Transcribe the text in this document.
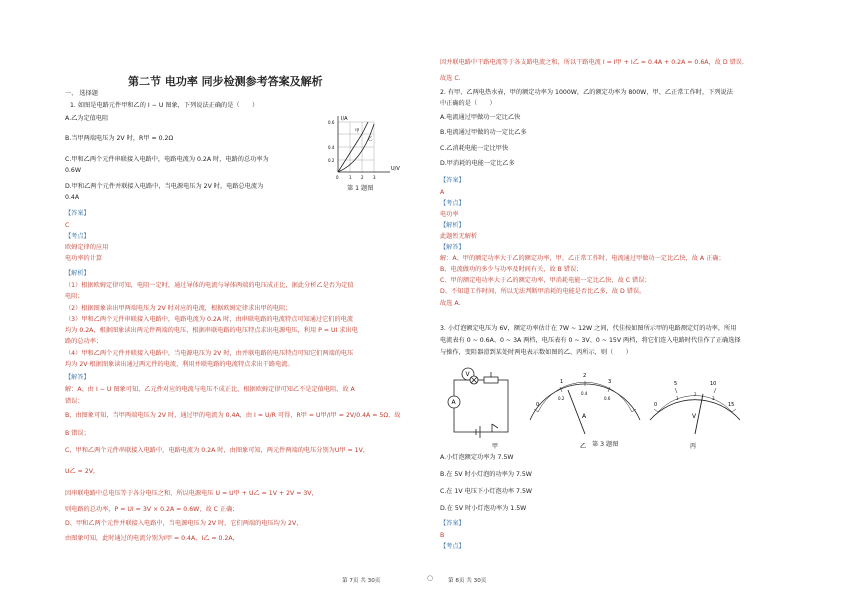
第二节 电功率 同步检测参考答案及解析
一、 选择题
1. 如图是电路元件甲和乙的 I − U 图象，下列说法正确的是（　　）
A.乙为定值电阻
B.当甲两端电压为 2V 时，R甲 = 0.2Ω
C.甲和乙两个元件串联接入电路中，电路电流为 0.2A 时，电路的总功率为
0.6W
D.甲和乙两个元件并联接入电路中，当电源电压为 2V 时，电路总电流为
0.4A
I/A
U/V
0.6
0.4
0.2
0	1 2 3
甲
乙
第 1 题图
【答案】
C
【考点】
欧姆定律的应用
电功率的计算
【解析】
（1）根据欧姆定律可知，电阻一定时，通过导体的电流与导体两端的电压成正比，据此分析乙是否为定值
电阻；
（2）根据图象读出甲两端电压为 2V 时对应的电流，根据欧姆定律求出甲的电阻；
（3）甲和乙两个元件串联接入电路中，电路电流为 0.2A 时，由串联电路的电流特点可知通过它们的电流
均为 0.2A，根据图象读出两元件两端的电压，根据串联电路的电压特点求出电源电压，利用 P = UI 求出电
路的总功率；
（4）甲和乙两个元件并联接入电路中，当电源电压为 2V 时，由并联电路的电压特点可知它们两端的电压
均为 2V 根据图象读出通过两元件的电流，利用并联电路的电流特点求出干路电流。
【解答】
解：A、由 I − U 图象可知，乙元件对应的电流与电压不成正比，根据欧姆定律可知乙不是定值电阻，故 A
错误；
B、由图象可知，当甲两端电压为 2V 时，通过甲的电流为 0.4A，由 I = U/R 可得，R甲 = U甲/I甲 = 2V/0.4A = 5Ω，故
B 错误；
C、甲和乙两个元件串联接入电路中，电路电流为 0.2A 时，由图象可知，两元件两端的电压分别为U甲 = 1V，
U乙 = 2V，
因串联电路中总电压等于各分电压之和，所以电源电压 U = U甲 + U乙 = 1V + 2V = 3V，
则电路的总功率，P = UI = 3V × 0.2A = 0.6W，故 C 正确；
D、甲和乙两个元件并联接入电路中，当电源电压为 2V 时，它们两端的电压均为 2V，
由图象可知，此时通过的电流分别为I甲 = 0.4A，I乙 = 0.2A，
第 7页 共 30页	○
因并联电路中干路电流等于各支路电流之和，所以干路电流 I = I甲 + I乙 = 0.4A + 0.2A = 0.6A，故 D 错误.
故选 C.
2. 有甲、乙两电热水壶，甲的额定功率为 1000W，乙的额定功率为 800W，甲、乙正常工作时，下列说法
中正确的是（　　）
A.电流通过甲做功一定比乙快
B.电流通过甲做的功一定比乙多
C.乙消耗电能一定比甲快
D.甲消耗的电能一定比乙多
【答案】
A
【考点】
电功率
【解析】
此题暂无解析
【解答】
解：A、甲的额定功率大于乙的额定功率，甲、乙正常工作时，电流通过甲做功一定比乙快，故 A 正确；
B、电流做功的多少与功率及时间有关，故 B 错误；
C、甲的额定电功率大于乙的额定功率，甲消耗电能一定比乙快，故 C 错误；
D、不知道工作时间，所以无法判断甲消耗的电能是否比乙多，故 D 错误。
故选 A.
3. 小灯泡额定电压为 6V，额定功率估计在 7W ~ 12W 之间，代佳按如图所示甲的电路测定灯的功率，所用
电流表有 0 ~ 0.6A、0 ~ 3A 两档，电压表有 0 ~ 3V、0 ~ 15V 两档，将它们连入电路时代佳作了正确选择
与操作，变阻器滑到某处时两电表示数如图的乙、丙所示，则（　　）
V
A
甲
0
1
2
3
0.2
0.4
0.6
A
乙
0
5	10
15
1
2
3
V
丙
第 3 题图
A.小灯泡额定功率为 7.5W
B.在 5V 时小灯泡的功率为 7.5W
C.在 1V 电压下小灯泡功率 7.5W
D.在 5V 时小灯泡功率为 1.5W
【答案】
B
【考点】
第 8页 共 30页
